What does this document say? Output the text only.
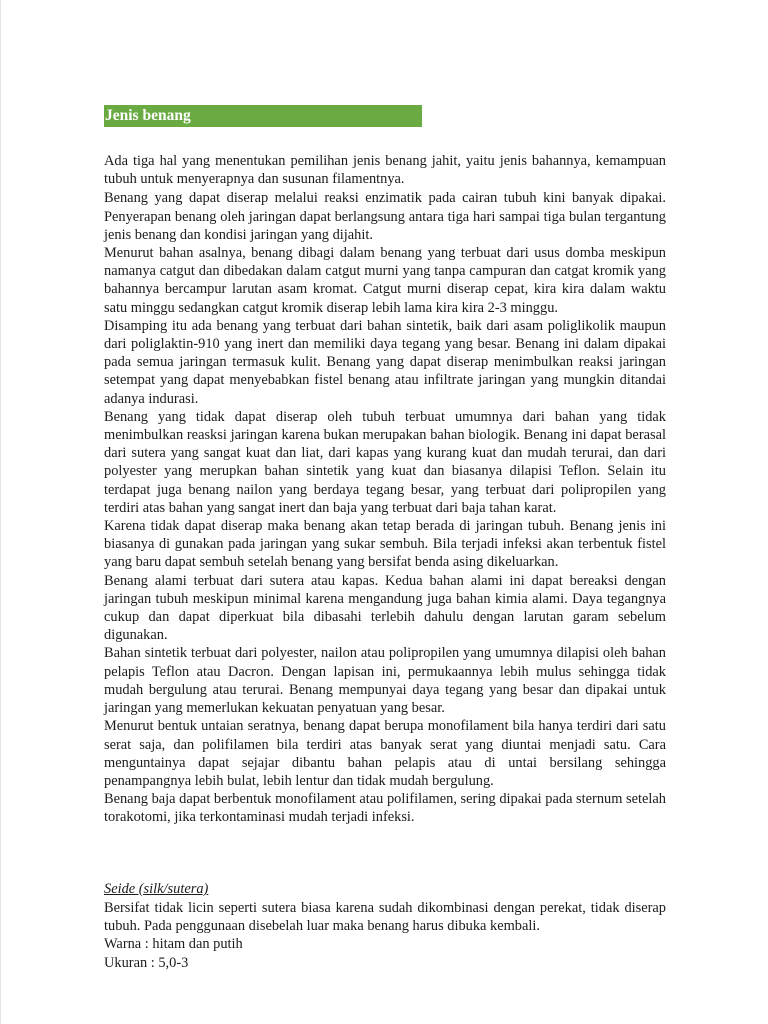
Jenis benang

Ada tiga hal yang menentukan pemilihan jenis benang jahit, yaitu jenis bahannya, kemampuan tubuh untuk menyerapnya dan susunan filamentnya.

Benang yang dapat diserap melalui reaksi enzimatik pada cairan tubuh kini banyak dipakai. Penyerapan benang oleh jaringan dapat berlangsung antara tiga hari sampai tiga bulan tergantung jenis benang dan kondisi jaringan yang dijahit.

Menurut bahan asalnya, benang dibagi dalam benang yang terbuat dari usus domba meskipun namanya catgut dan dibedakan dalam catgut murni yang tanpa campuran dan catgat kromik yang bahannya bercampur larutan asam kromat. Catgut murni diserap cepat, kira kira dalam waktu satu minggu sedangkan catgut kromik diserap lebih lama kira kira 2-3 minggu.

Disamping itu ada benang yang terbuat dari bahan sintetik, baik dari asam poliglikolik maupun dari poliglaktin-910 yang inert dan memiliki daya tegang yang besar. Benang ini dalam dipakai pada semua jaringan termasuk kulit. Benang yang dapat diserap menimbulkan reaksi jaringan setempat yang dapat menyebabkan fistel benang atau infiltrate jaringan yang mungkin ditandai adanya indurasi.

Benang yang tidak dapat diserap oleh tubuh terbuat umumnya dari bahan yang tidak menimbulkan reasksi jaringan karena bukan merupakan bahan biologik. Benang ini dapat berasal dari sutera yang sangat kuat dan liat, dari kapas yang kurang kuat dan mudah terurai, dan dari polyester yang merupkan bahan sintetik yang kuat dan biasanya dilapisi Teflon. Selain itu terdapat juga benang nailon yang berdaya tegang besar, yang terbuat dari polipropilen yang terdiri atas bahan yang sangat inert dan baja yang terbuat dari baja tahan karat.

Karena tidak dapat diserap maka benang akan tetap berada di jaringan tubuh. Benang jenis ini biasanya di gunakan pada jaringan yang sukar sembuh. Bila terjadi infeksi akan terbentuk fistel yang baru dapat sembuh setelah benang yang bersifat benda asing dikeluarkan.

Benang alami terbuat dari sutera atau kapas. Kedua bahan alami ini dapat bereaksi dengan jaringan tubuh meskipun minimal karena mengandung juga bahan kimia alami. Daya tegangnya cukup dan dapat diperkuat bila dibasahi terlebih dahulu dengan larutan garam sebelum digunakan.

Bahan sintetik terbuat dari polyester, nailon atau polipropilen yang umumnya dilapisi oleh bahan pelapis Teflon atau Dacron. Dengan lapisan ini, permukaannya lebih mulus sehingga tidak mudah bergulung atau terurai. Benang mempunyai daya tegang yang besar dan dipakai untuk jaringan yang memerlukan kekuatan penyatuan yang besar.

Menurut bentuk untaian seratnya, benang dapat berupa monofilament bila hanya terdiri dari satu serat saja, dan polifilamen bila terdiri atas banyak serat yang diuntai menjadi satu. Cara menguntainya dapat sejajar dibantu bahan pelapis atau di untai bersilang sehingga penampangnya lebih bulat, lebih lentur dan tidak mudah bergulung.

Benang baja dapat berbentuk monofilament atau polifilamen, sering dipakai pada sternum setelah torakotomi, jika terkontaminasi mudah terjadi infeksi.

Seide (silk/sutera)

Bersifat tidak licin seperti sutera biasa karena sudah dikombinasi dengan perekat, tidak diserap tubuh. Pada penggunaan disebelah luar maka benang harus dibuka kembali.

Warna : hitam dan putih

Ukuran : 5,0-3
